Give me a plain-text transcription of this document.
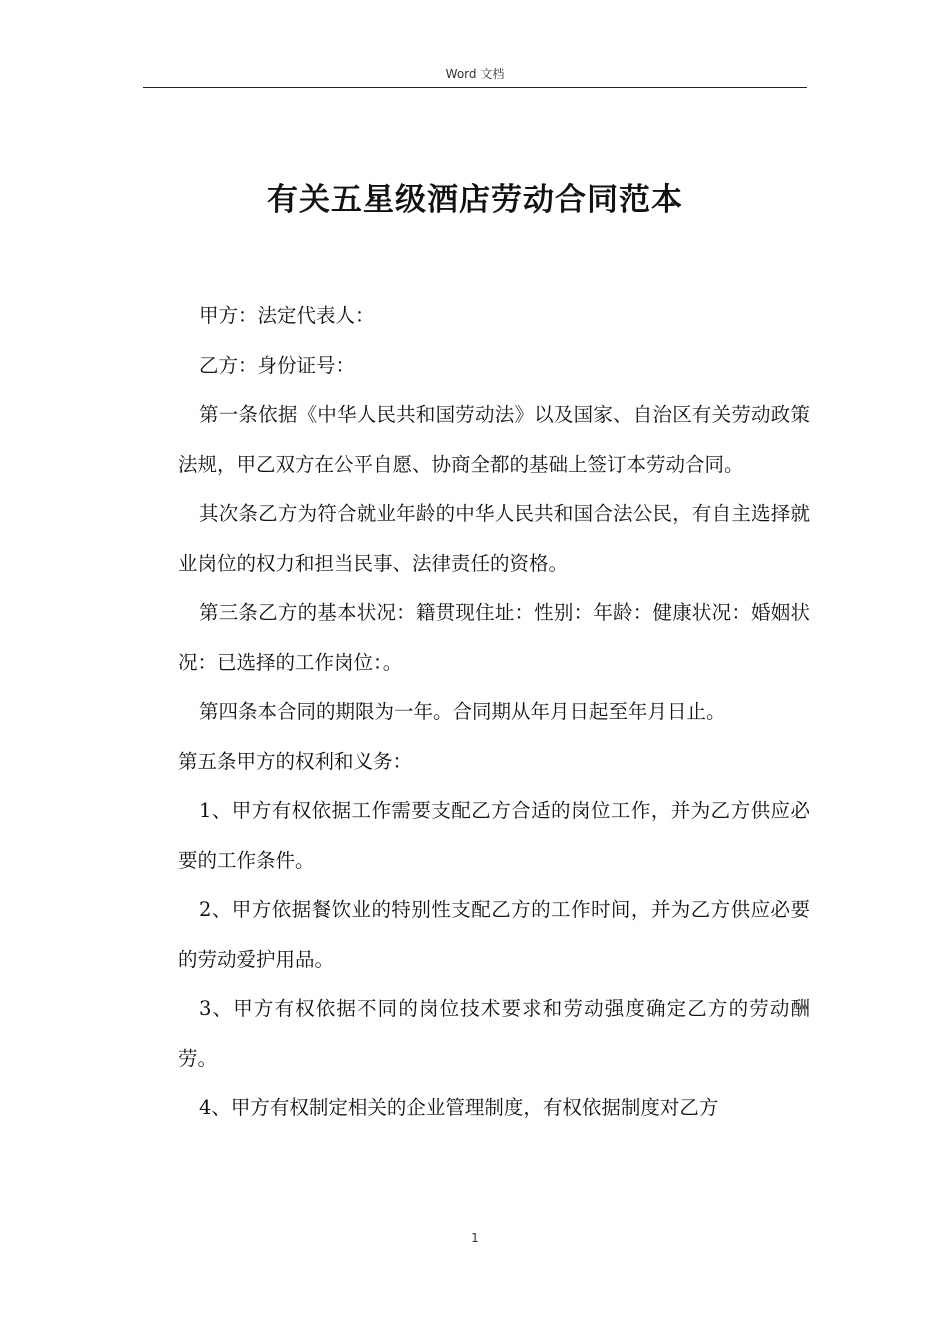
Word 文档
有关五星级酒店劳动合同范本

甲方：法定代表人：

乙方：身份证号：

第一条依据《中华人民共和国劳动法》以及国家、自治区有关劳动政策法规，甲乙双方在公平自愿、协商全都的基础上签订本劳动合同。

其次条乙方为符合就业年龄的中华人民共和国合法公民，有自主选择就业岗位的权力和担当民事、法律责任的资格。

第三条乙方的基本状况：籍贯现住址：性别：年龄：健康状况：婚姻状况：已选择的工作岗位：。

第四条本合同的期限为一年。合同期从年月日起至年月日止。

第五条甲方的权利和义务：

1、甲方有权依据工作需要支配乙方合适的岗位工作，并为乙方供应必要的工作条件。

2、甲方依据餐饮业的特别性支配乙方的工作时间，并为乙方供应必要的劳动爱护用品。

3、甲方有权依据不同的岗位技术要求和劳动强度确定乙方的劳动酬劳。

4、甲方有权制定相关的企业管理制度，有权依据制度对乙方

1
